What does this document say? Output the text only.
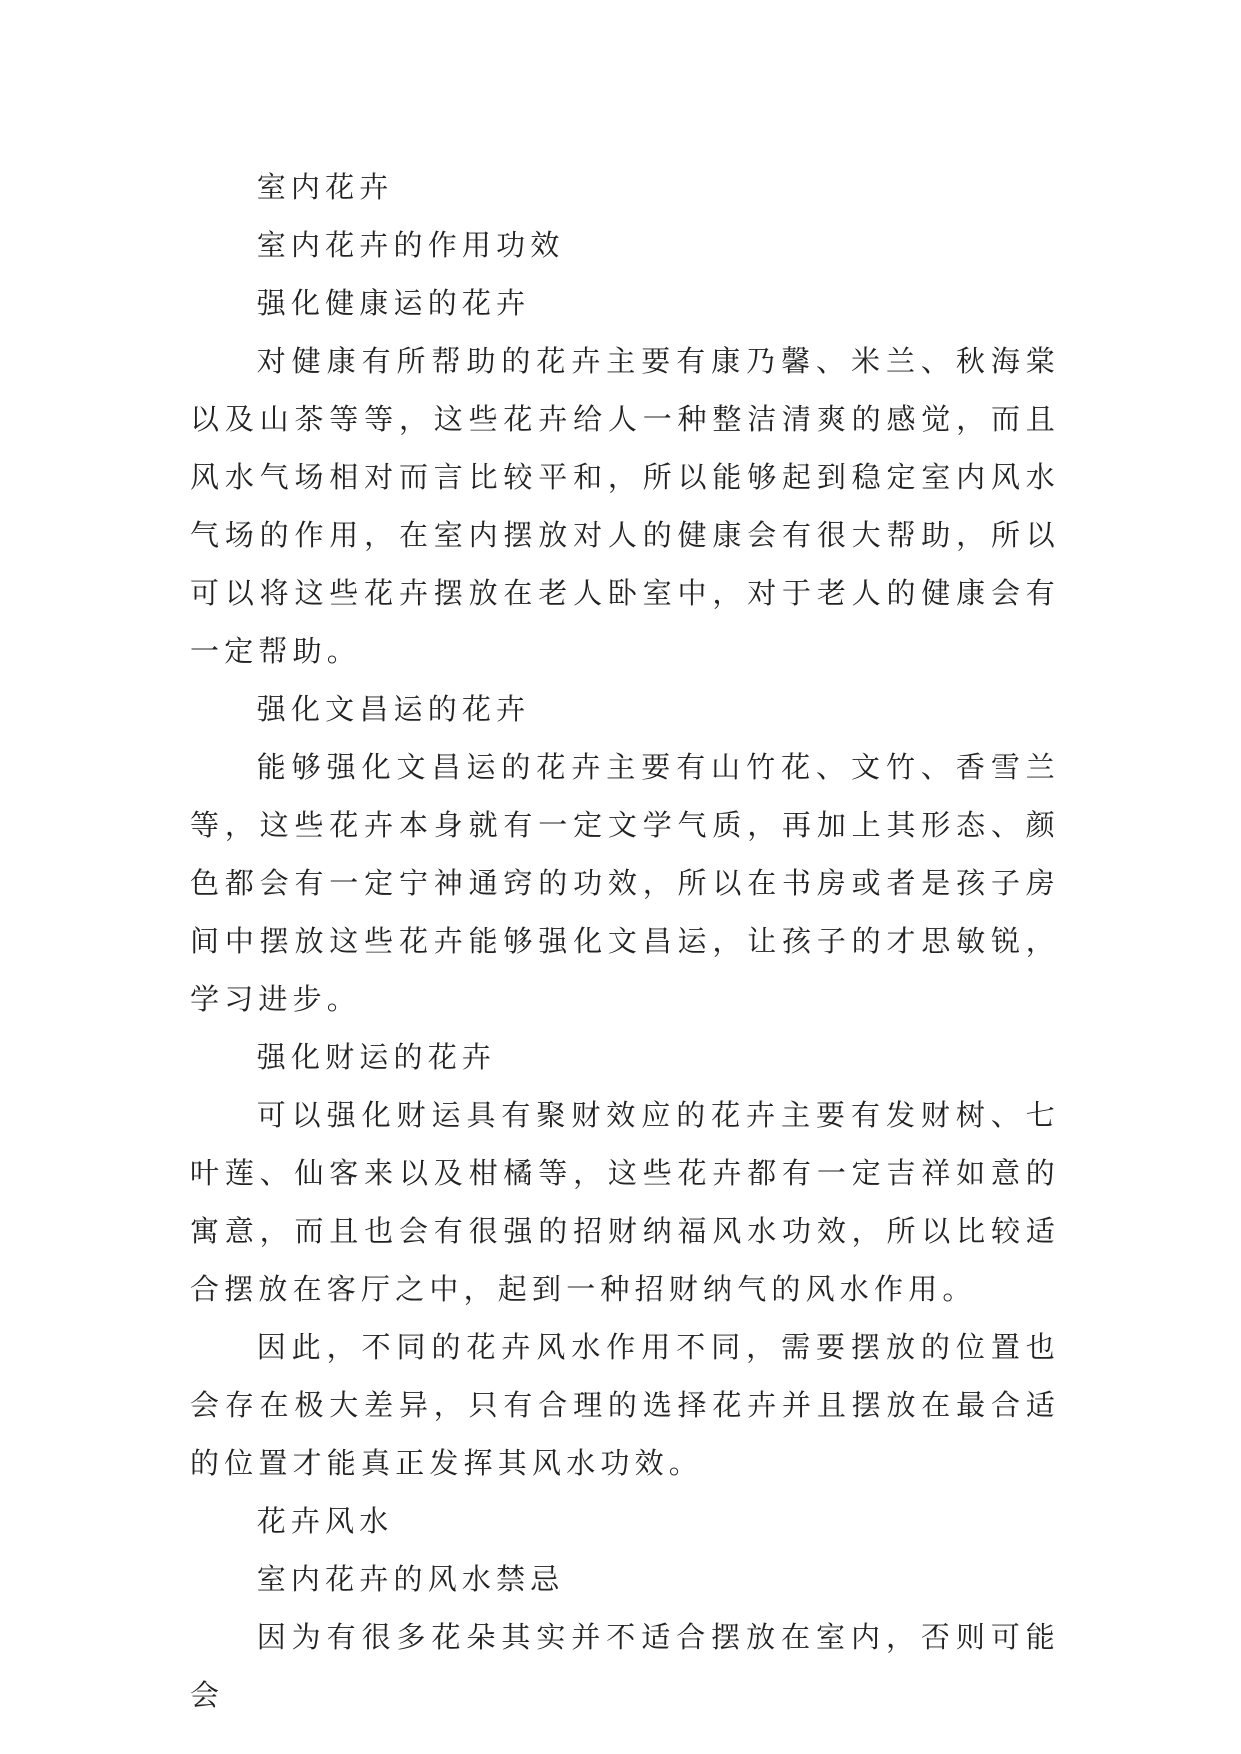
室内花卉

室内花卉的作用功效

强化健康运的花卉

对健康有所帮助的花卉主要有康乃馨、米兰、秋海棠以及山茶等等，这些花卉给人一种整洁清爽的感觉，而且风水气场相对而言比较平和，所以能够起到稳定室内风水气场的作用，在室内摆放对人的健康会有很大帮助，所以可以将这些花卉摆放在老人卧室中，对于老人的健康会有一定帮助。

强化文昌运的花卉

能够强化文昌运的花卉主要有山竹花、文竹、香雪兰等，这些花卉本身就有一定文学气质，再加上其形态、颜色都会有一定宁神通窍的功效，所以在书房或者是孩子房间中摆放这些花卉能够强化文昌运，让孩子的才思敏锐，学习进步。

强化财运的花卉

可以强化财运具有聚财效应的花卉主要有发财树、七叶莲、仙客来以及柑橘等，这些花卉都有一定吉祥如意的寓意，而且也会有很强的招财纳福风水功效，所以比较适合摆放在客厅之中，起到一种招财纳气的风水作用。

因此，不同的花卉风水作用不同，需要摆放的位置也会存在极大差异，只有合理的选择花卉并且摆放在最合适的位置才能真正发挥其风水功效。

花卉风水

室内花卉的风水禁忌

因为有很多花朵其实并不适合摆放在室内，否则可能会
